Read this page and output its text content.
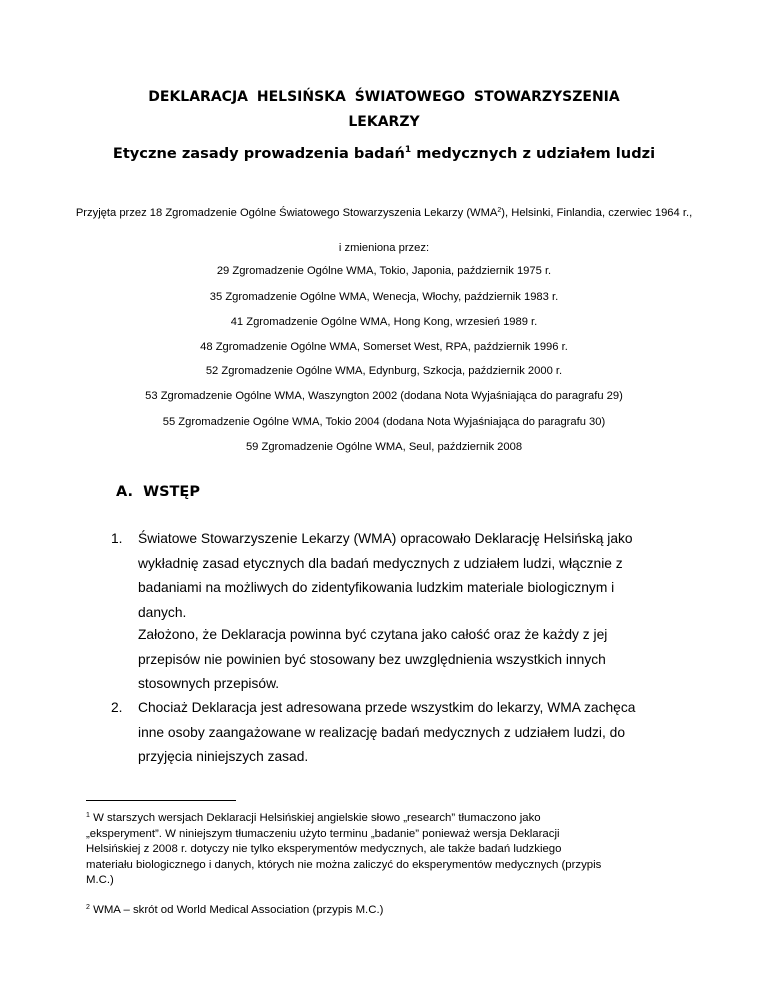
DEKLARACJA HELSIŃSKA ŚWIATOWEGO STOWARZYSZENIA
LEKARZY
Etyczne zasady prowadzenia badań$^1$ medycznych z udziałem ludzi
Przyjęta przez 18 Zgromadzenie Ogólne Światowego Stowarzyszenia Lekarzy (WMA$^2$), Helsinki, Finlandia, czerwiec 1964 r.,
i zmieniona przez:
29 Zgromadzenie Ogólne WMA, Tokio, Japonia, październik 1975 r.
35 Zgromadzenie Ogólne WMA, Wenecja, Włochy, październik 1983 r.
41 Zgromadzenie Ogólne WMA, Hong Kong, wrzesień 1989 r.
48 Zgromadzenie Ogólne WMA, Somerset West, RPA, październik 1996 r.
52 Zgromadzenie Ogólne WMA, Edynburg, Szkocja, październik 2000 r.
53 Zgromadzenie Ogólne WMA, Waszyngton 2002 (dodana Nota Wyjaśniająca do paragrafu 29)
55 Zgromadzenie Ogólne WMA, Tokio 2004 (dodana Nota Wyjaśniająca do paragrafu 30)
59 Zgromadzenie Ogólne WMA, Seul, październik 2008
A. WSTĘP
1. Światowe Stowarzyszenie Lekarzy (WMA) opracowało Deklarację Helsińską jako
wykładnię zasad etycznych dla badań medycznych z udziałem ludzi, włącznie z
badaniami na możliwych do zidentyfikowania ludzkim materiale biologicznym i
danych.
Założono, że Deklaracja powinna być czytana jako całość oraz że każdy z jej
przepisów nie powinien być stosowany bez uwzględnienia wszystkich innych
stosownych przepisów.
2. Chociaż Deklaracja jest adresowana przede wszystkim do lekarzy, WMA zachęca
inne osoby zaangażowane w realizację badań medycznych z udziałem ludzi, do
przyjęcia niniejszych zasad.
$^1$ W starszych wersjach Deklaracji Helsińskiej angielskie słowo „research” tłumaczono jako
„eksperyment”. W niniejszym tłumaczeniu użyto terminu „badanie” ponieważ wersja Deklaracji
Helsińskiej z 2008 r. dotyczy nie tylko eksperymentów medycznych, ale także badań ludzkiego
materiału biologicznego i danych, których nie można zaliczyć do eksperymentów medycznych (przypis
M.C.)
$^2$ WMA – skrót od World Medical Association (przypis M.C.)
